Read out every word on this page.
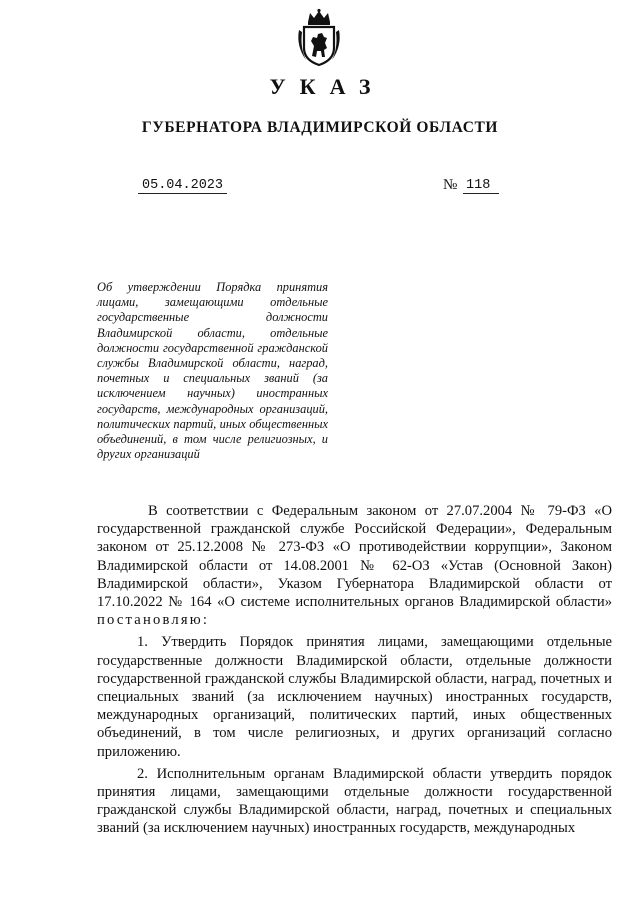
УКАЗ
ГУБЕРНАТОРА ВЛАДИМИРСКОЙ ОБЛАСТИ
05.04.2023	№ 118

Об утверждении Порядка принятия лицами, замещающими отдельные государственные должности Владимирской области, отдельные должности государственной гражданской службы Владимирской области, наград, почетных и специальных званий (за исключением научных) иностранных государств, международных организаций, политических партий, иных общественных объединений, в том числе религиозных, и других организаций

В соответствии с Федеральным законом от 27.07.2004 № 79-ФЗ «О государственной гражданской службе Российской Федерации», Федеральным законом от 25.12.2008 № 273-ФЗ «О противодействии коррупции», Законом Владимирской области от 14.08.2001 № 62-ОЗ «Устав (Основной Закон) Владимирской области», Указом Губернатора Владимирской области от 17.10.2022 № 164 «О системе исполнительных органов Владимирской области» постановляю:

1. Утвердить Порядок принятия лицами, замещающими отдельные государственные должности Владимирской области, отдельные должности государственной гражданской службы Владимирской области, наград, почетных и специальных званий (за исключением научных) иностранных государств, международных организаций, политических партий, иных общественных объединений, в том числе религиозных, и других организаций согласно приложению.

2. Исполнительным органам Владимирской области утвердить порядок принятия лицами, замещающими отдельные должности государственной гражданской службы Владимирской области, наград, почетных и специальных званий (за исключением научных) иностранных государств, международных
